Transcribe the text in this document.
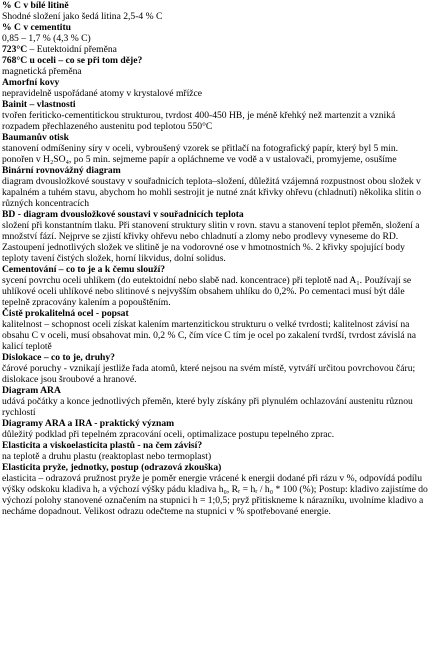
% C v bílé litině
Shodné složení jako šedá litina 2,5-4 % C
% C v cementitu
0,85 – 1,7 % (4,3 % C)
723°C – Eutektoidní přeměna
768°C u oceli – co se při tom děje?
magnetická přeměna
Amorfní kovy
nepravidelně uspořádané atomy v krystalové mřížce
Bainit – vlastnosti
tvořen feriticko-cementitickou strukturou, tvrdost 400-450 HB, je méně křehký než martenzit a vzniká rozpadem přechlazeného austenitu pod teplotou 550°C
Baumanův otisk
stanovení odmíšeniny síry v oceli, vybroušený vzorek se přitlačí na fotografický papír, který byl 5 min. ponořen v H₂SO₄, po 5 min. sejmeme papír a opláchneme ve vodě a v ustalovači, promyjeme, osušíme
Binární rovnovážný diagram
diagram dvousložkové soustavy v souřadnicích teplota–složení, důležitá vzájemná rozpustnost obou složek v kapalném a tuhém stavu, abychom ho mohli sestrojit je nutné znát křivky ohřevu (chladnutí) několika slitin o různých koncentracích
BD - diagram dvousložkové soustavi v souřadnicích teplota
složení při konstantním tlaku. Při stanovení struktury slitin v rovn. stavu a stanovení teplot přeměn, složení a množství fází. Nejprve se zjistí křivky ohřevu nebo chladnutí a zlomy nebo prodlevy vyneseme do RD. Zastoupení jednotlivých složek ve slitině je na vodorovné ose v hmotnostních %. 2 křivky spojující body teploty tavení čistých složek, horní likvidus, dolní solidus.
Cementování – co to je a k čemu slouží?
sycení povrchu oceli uhlíkem (do eutektoidní nebo slabě nad. koncentrace) při teplotě nad A₁. Používají se uhlíkové oceli uhlíkové nebo slitinové s nejvyšším obsahem uhlíku do 0,2%. Po cementaci musí být dále tepelně zpracovány kalením a popouštěním.
Čistě prokalitelná ocel - popsat
kalitelnost – schopnost oceli získat kalením martenzitickou strukturu o velké tvrdosti; kalitelnost závisí na obsahu C v oceli, musí obsahovat min. 0,2 % C, čím více C tím je ocel po zakalení tvrdší, tvrdost závislá na kalicí teplotě
Dislokace – co to je, druhy?
čárové poruchy - vznikají jestliže řada atomů, které nejsou na svém místě, vytváří určitou povrchovou čáru; dislokace jsou šroubové a hranové.
Diagram ARA
udává počátky a konce jednotlivých přeměn, které byly získány při plynulém ochlazování austenitu různou rychlostí
Diagramy ARA a IRA - praktický význam
důležitý podklad při tepelném zpracování oceli, optimalizace postupu tepelného zprac.
Elasticita a viskoelasticita plastů - na čem závisí?
na teplotě a druhu plastu (reaktoplast nebo termoplast)
Elasticita pryže, jednotky, postup (odrazová zkouška)
elasticita – odrazová pružnost pryže je poměr energie vrácené k energii dodané při rázu v %, odpovídá podílu výšky odskoku kladiva hᵣ a výchozí výšky pádu kladiva h₀, Rᵣ = hᵣ / h₀ * 100 (%); Postup: kladivo zajistíme do výchozí polohy stanovené označením na stupnici h = 1;0,5; pryž přitiskneme k nárazníku, uvolníme kladivo a necháme dopadnout. Velikost odrazu odečteme na stupnici v % spotřebované energie.
